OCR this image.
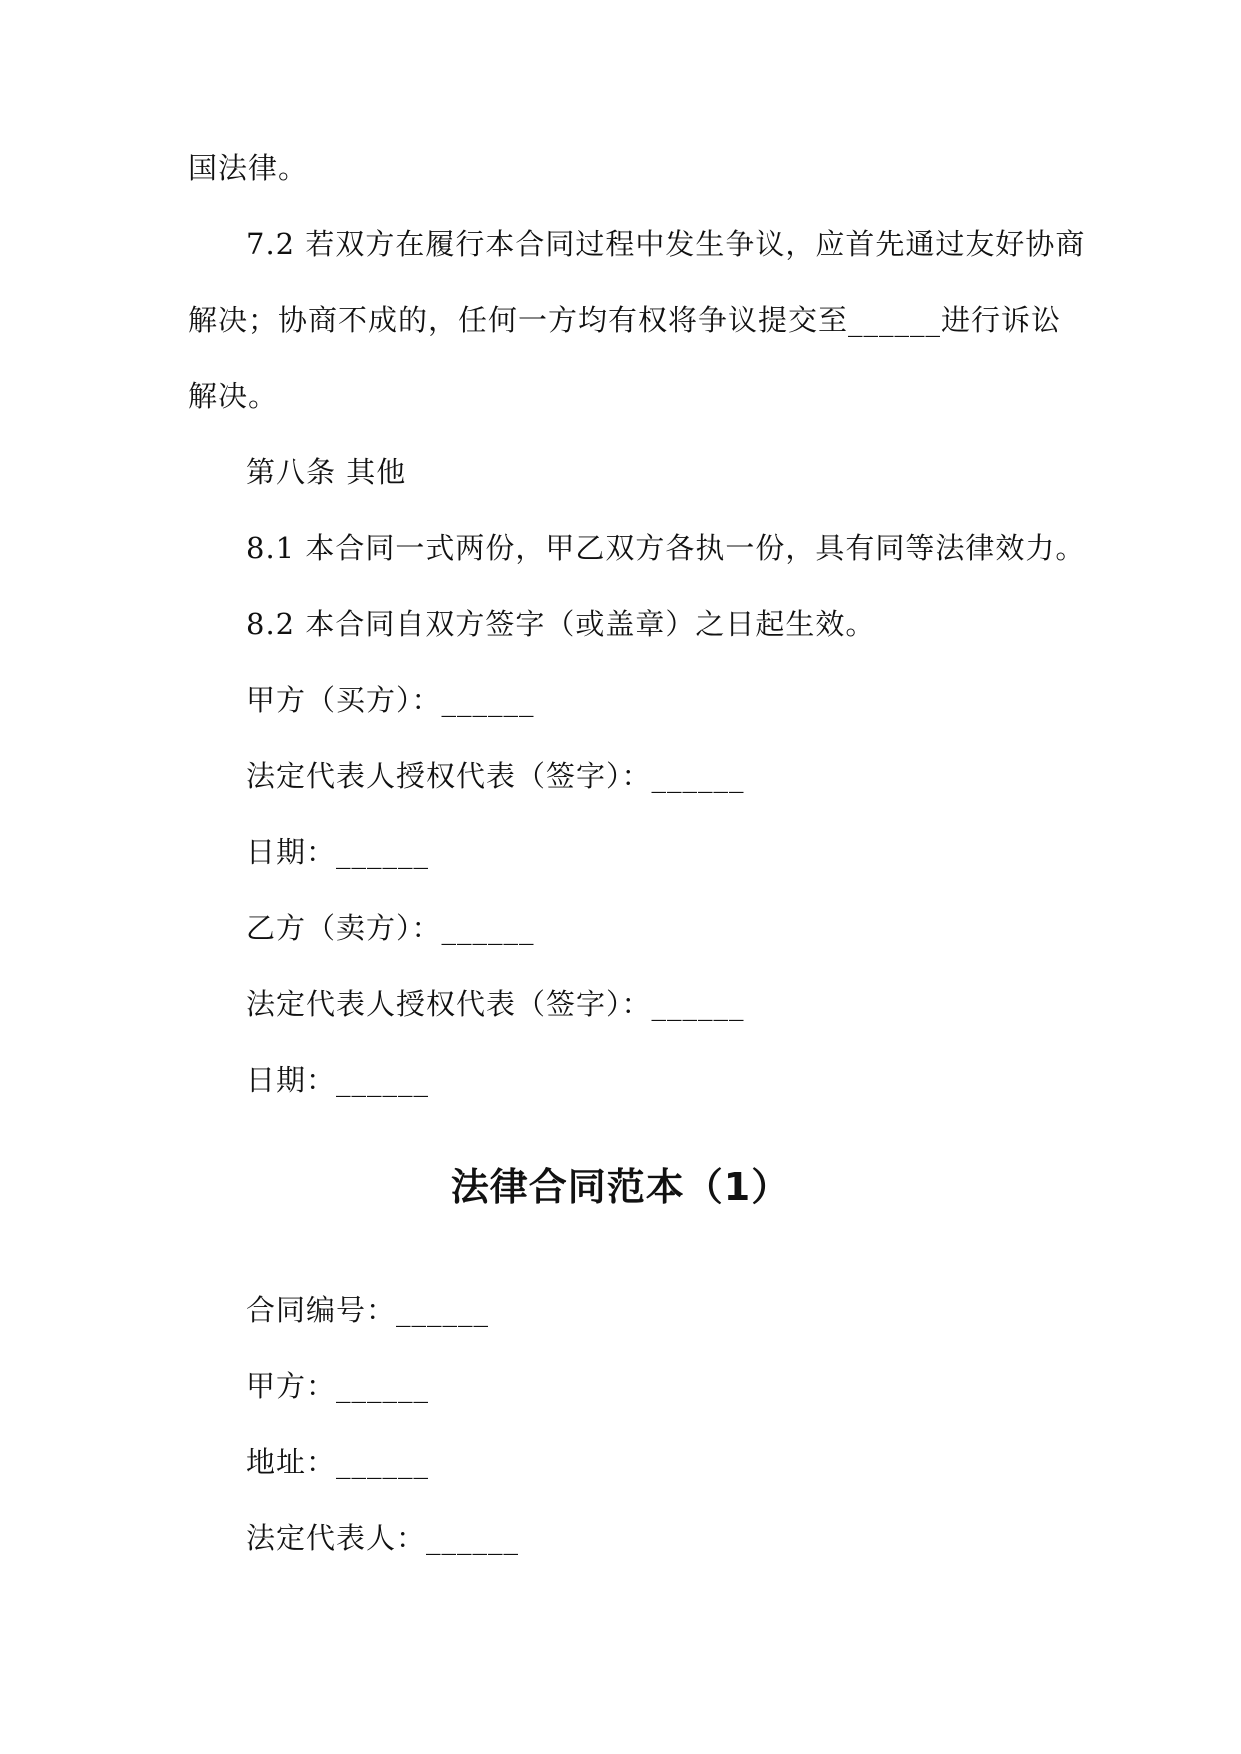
国法律。
7.2 若双方在履行本合同过程中发生争议，应首先通过友好协商
解决；协商不成的，任何一方均有权将争议提交至______进行诉讼
解决。
第八条 其他
8.1 本合同一式两份，甲乙双方各执一份，具有同等法律效力。
8.2 本合同自双方签字（或盖章）之日起生效。
甲方（买方）：______
法定代表人授权代表（签字）：______
日期：______
乙方（卖方）：______
法定代表人授权代表（签字）：______
日期：______
法律合同范本（1）
合同编号：______
甲方：______
地址：______
法定代表人：______
